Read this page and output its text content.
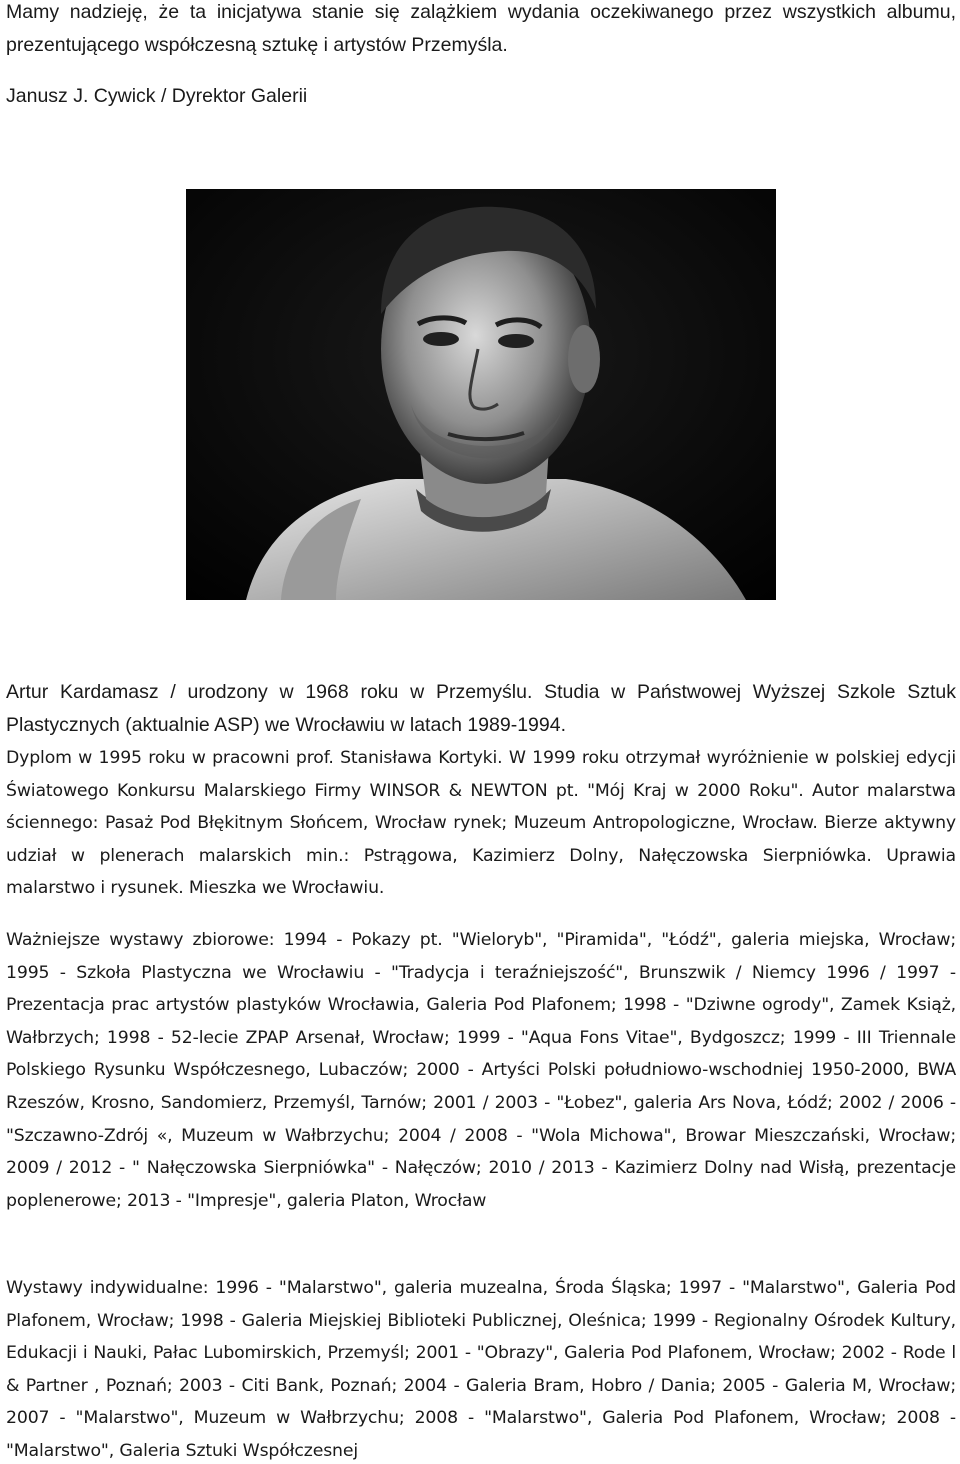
Mamy nadzieję, że ta inicjatywa stanie się zalążkiem wydania oczekiwanego przez wszystkich albumu, prezentującego współczesną sztukę i artystów Przemyśla.

Janusz J. Cywick / Dyrektor Galerii

Artur Kardamasz / urodzony w 1968 roku w Przemyślu. Studia w Państwowej Wyższej Szkole Sztuk Plastycznych (aktualnie ASP) we Wrocławiu w latach 1989-1994.

Dyplom w 1995 roku w pracowni prof. Stanisława Kortyki. W 1999 roku otrzymał wyróżnienie w polskiej edycji Światowego Konkursu Malarskiego Firmy WINSOR & NEWTON pt. "Mój Kraj w 2000 Roku". Autor malarstwa ściennego: Pasaż Pod Błękitnym Słońcem, Wrocław rynek; Muzeum Antropologiczne, Wrocław. Bierze aktywny udział w plenerach malarskich min.: Pstrągowa, Kazimierz Dolny, Nałęczowska Sierpniówka. Uprawia malarstwo i rysunek. Mieszka we Wrocławiu.

Ważniejsze wystawy zbiorowe: 1994 - Pokazy pt. "Wieloryb", "Piramida", "Łódź", galeria miejska, Wrocław; 1995 - Szkoła Plastyczna we Wrocławiu - "Tradycja i teraźniejszość", Brunszwik / Niemcy 1996 / 1997 - Prezentacja prac artystów plastyków Wrocławia, Galeria Pod Plafonem; 1998 - "Dziwne ogrody", Zamek Książ, Wałbrzych; 1998 - 52-lecie ZPAP Arsenał, Wrocław; 1999 - "Aqua Fons Vitae", Bydgoszcz; 1999 - III Triennale Polskiego Rysunku Współczesnego, Lubaczów; 2000 - Artyści Polski południowo-wschodniej 1950-2000, BWA Rzeszów, Krosno, Sandomierz, Przemyśl, Tarnów; 2001 / 2003 - "Łobez", galeria Ars Nova, Łódź; 2002 / 2006 - "Szczawno-Zdrój «, Muzeum w Wałbrzychu; 2004 / 2008 - "Wola Michowa", Browar Mieszczański, Wrocław; 2009 / 2012 - " Nałęczowska Sierpniówka" - Nałęczów; 2010 / 2013 - Kazimierz Dolny nad Wisłą, prezentacje poplenerowe; 2013 - "Impresje", galeria Platon, Wrocław

Wystawy indywidualne: 1996 - "Malarstwo", galeria muzealna, Środa Śląska; 1997 - "Malarstwo", Galeria Pod Plafonem, Wrocław; 1998 - Galeria Miejskiej Biblioteki Publicznej, Oleśnica; 1999 - Regionalny Ośrodek Kultury, Edukacji i Nauki, Pałac Lubomirskich, Przemyśl; 2001 - "Obrazy", Galeria Pod Plafonem, Wrocław; 2002 - Rode l & Partner , Poznań; 2003 - Citi Bank, Poznań; 2004 - Galeria Bram, Hobro / Dania; 2005 - Galeria M, Wrocław; 2007 - "Malarstwo", Muzeum w Wałbrzychu; 2008 - "Malarstwo", Galeria Pod Plafonem, Wrocław; 2008 - "Malarstwo", Galeria Sztuki Współczesnej
